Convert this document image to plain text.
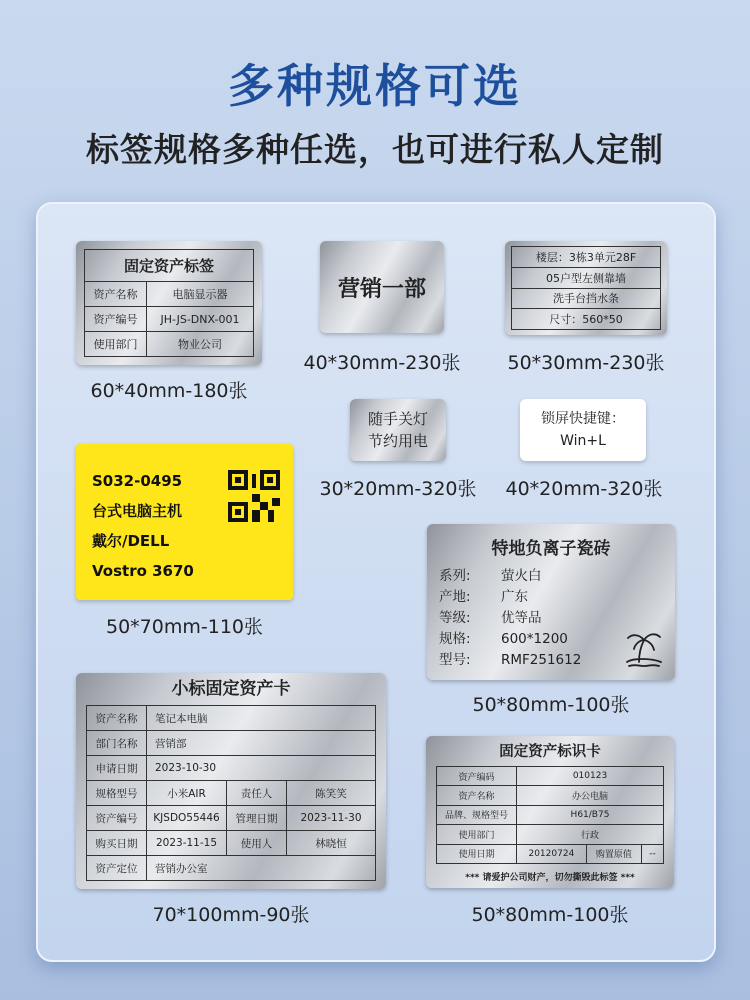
多种规格可选
标签规格多种任选，也可进行私人定制
固定资产标签	
资产名称	电脑显示器
资产编号	JH-JS-DNX-001
使用部门	物业公司
60*40mm-180张
营销一部
40*30mm-230张
楼层：3栋3单元28F
05户型左侧靠墙
洗手台挡水条
尺寸：560*50
50*30mm-230张
随手关灯
节约用电
30*20mm-320张
锁屏快捷键：
Win+L
40*20mm-320张
S032-0495
台式电脑主机
戴尔/DELL
Vostro 3670
50*70mm-110张
特地负离子瓷砖
系列: 萤火白
产地: 广东
等级: 优等品
规格: 600*1200
型号: RMF251612
50*80mm-100张
小标固定资产卡
资产名称	笔记本电脑		
部门名称	营销部		
申请日期	2023-10-30		
规格型号	小米AIR	责任人	陈笑笑
资产编号	KJSDO55446	管理日期	2023-11-30
购买日期	2023-11-15	使用人	林晓恒
资产定位	营销办公室		
70*100mm-90张
固定资产标识卡
资产编码	010123		
资产名称	办公电脑		
品牌、规格型号	H61/B75		
使用部门	行政		
使用日期	20120724	购置原值	--
*** 请爱护公司财产，切勿撕毁此标签 ***
50*80mm-100张
